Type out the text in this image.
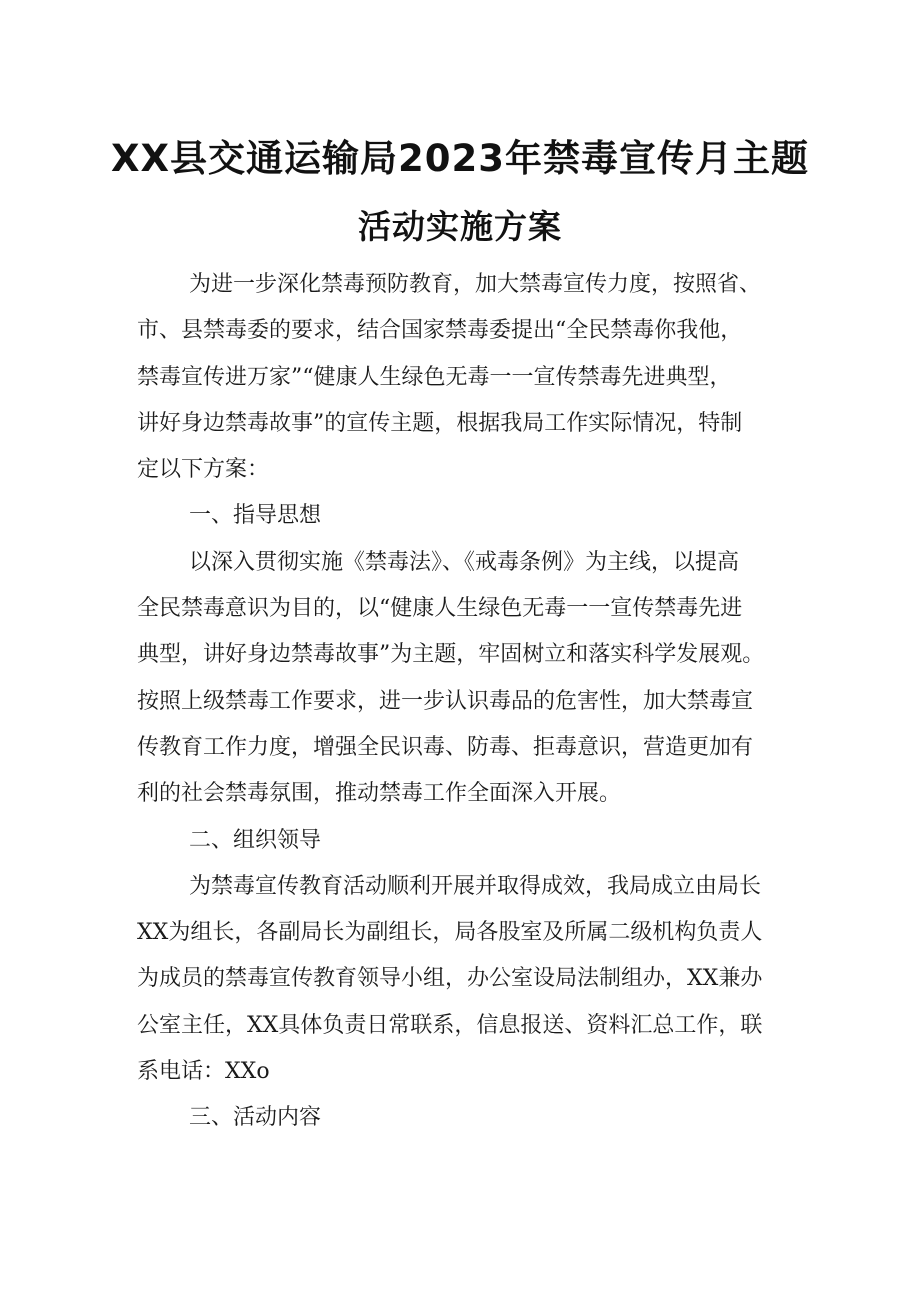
XX县交通运输局2023年禁毒宣传月主题
活动实施方案
为进一步深化禁毒预防教育，加大禁毒宣传力度，按照省、
市、县禁毒委的要求，结合国家禁毒委提出“全民禁毒你我他，
禁毒宣传进万家”“健康人生绿色无毒一一宣传禁毒先进典型，
讲好身边禁毒故事”的宣传主题，根据我局工作实际情况，特制
定以下方案：
一、指导思想
以深入贯彻实施《禁毒法》、《戒毒条例》为主线，以提高
全民禁毒意识为目的，以“健康人生绿色无毒一一宣传禁毒先进
典型，讲好身边禁毒故事”为主题，牢固树立和落实科学发展观。
按照上级禁毒工作要求，进一步认识毒品的危害性，加大禁毒宣
传教育工作力度，增强全民识毒、防毒、拒毒意识，营造更加有
利的社会禁毒氛围，推动禁毒工作全面深入开展。
二、组织领导
为禁毒宣传教育活动顺利开展并取得成效，我局成立由局长
XX为组长，各副局长为副组长，局各股室及所属二级机构负责人
为成员的禁毒宣传教育领导小组，办公室设局法制组办，XX兼办
公室主任，XX具体负责日常联系，信息报送、资料汇总工作，联
系电话：XXo
三、活动内容
